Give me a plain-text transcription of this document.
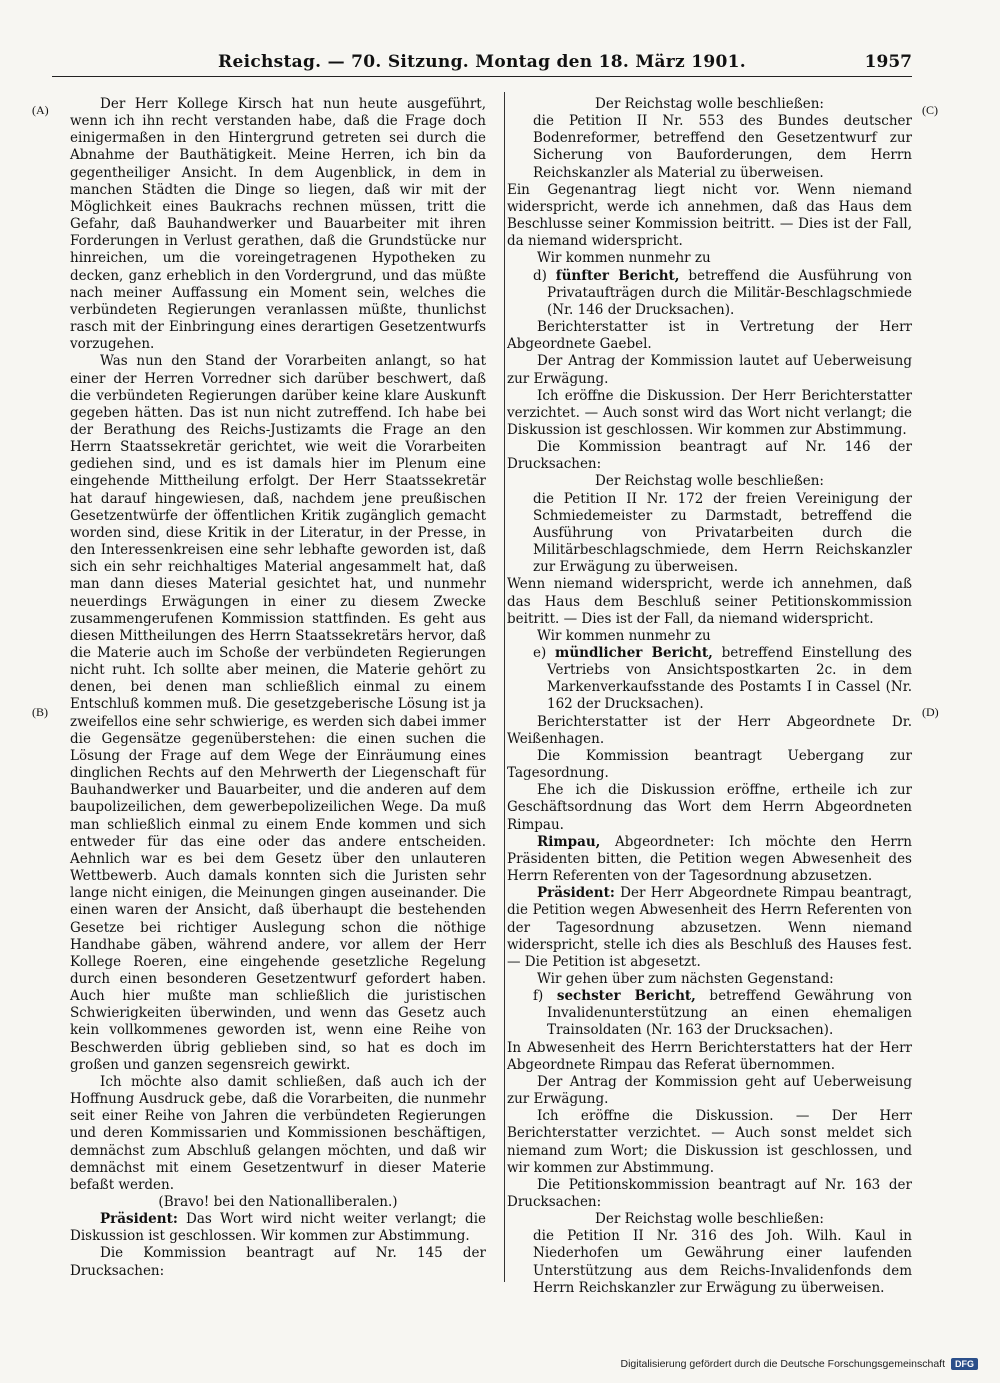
Reichstag. — 70. Sitzung. Montag den 18. März 1901.	1957
(A)
(B)
(C)
(D)

Der Herr Kollege Kirsch hat nun heute ausgeführt, wenn ich ihn recht verstanden habe, daß die Frage doch einigermaßen in den Hintergrund getreten sei durch die Abnahme der Bauthätigkeit. Meine Herren, ich bin da gegentheiliger Ansicht. In dem Augenblick, in dem in manchen Städten die Dinge so liegen, daß wir mit der Möglichkeit eines Baukrachs rechnen müssen, tritt die Gefahr, daß Bauhandwerker und Bauarbeiter mit ihren Forderungen in Verlust gerathen, daß die Grundstücke nur hinreichen, um die voreingetragenen Hypotheken zu decken, ganz erheblich in den Vordergrund, und das müßte nach meiner Auffassung ein Moment sein, welches die verbündeten Regierungen veranlassen müßte, thunlichst rasch mit der Einbringung eines derartigen Gesetzentwurfs vorzugehen.

Was nun den Stand der Vorarbeiten anlangt, so hat einer der Herren Vorredner sich darüber beschwert, daß die verbündeten Regierungen darüber keine klare Auskunft gegeben hätten. Das ist nun nicht zutreffend. Ich habe bei der Berathung des Reichs-Justizamts die Frage an den Herrn Staatssekretär gerichtet, wie weit die Vorarbeiten gediehen sind, und es ist damals hier im Plenum eine eingehende Mittheilung erfolgt. Der Herr Staatssekretär hat darauf hingewiesen, daß, nachdem jene preußischen Gesetzentwürfe der öffentlichen Kritik zugänglich gemacht worden sind, diese Kritik in der Literatur, in der Presse, in den Interessenkreisen eine sehr lebhafte geworden ist, daß sich ein sehr reichhaltiges Material angesammelt hat, daß man dann dieses Material gesichtet hat, und nunmehr neuerdings Erwägungen in einer zu diesem Zwecke zusammengerufenen Kommission stattfinden. Es geht aus diesen Mittheilungen des Herrn Staatssekretärs hervor, daß die Materie auch im Schoße der verbündeten Regierungen nicht ruht. Ich sollte aber meinen, die Materie gehört zu denen, bei denen man schließlich einmal zu einem Entschluß kommen muß. Die gesetzgeberische Lösung ist ja zweifellos eine sehr schwierige, es werden sich dabei immer die Gegensätze gegenüberstehen: die einen suchen die Lösung der Frage auf dem Wege der Einräumung eines dinglichen Rechts auf den Mehrwerth der Liegenschaft für Bauhandwerker und Bauarbeiter, und die anderen auf dem baupolizeilichen, dem gewerbepolizeilichen Wege. Da muß man schließlich einmal zu einem Ende kommen und sich entweder für das eine oder das andere entscheiden. Aehnlich war es bei dem Gesetz über den unlauteren Wettbewerb. Auch damals konnten sich die Juristen sehr lange nicht einigen, die Meinungen gingen auseinander. Die einen waren der Ansicht, daß überhaupt die bestehenden Gesetze bei richtiger Auslegung schon die nöthige Handhabe gäben, während andere, vor allem der Herr Kollege Roeren, eine eingehende gesetzliche Regelung durch einen besonderen Gesetzentwurf gefordert haben. Auch hier mußte man schließlich die juristischen Schwierigkeiten überwinden, und wenn das Gesetz auch kein vollkommenes geworden ist, wenn eine Reihe von Beschwerden übrig geblieben sind, so hat es doch im großen und ganzen segensreich gewirkt.

Ich möchte also damit schließen, daß auch ich der Hoffnung Ausdruck gebe, daß die Vorarbeiten, die nunmehr seit einer Reihe von Jahren die verbündeten Regierungen und deren Kommissarien und Kommissionen beschäftigen, demnächst zum Abschluß gelangen möchten, und daß wir demnächst mit einem Gesetzentwurf in dieser Materie befaßt werden.

(Bravo! bei den Nationalliberalen.)

Präsident: Das Wort wird nicht weiter verlangt; die Diskussion ist geschlossen. Wir kommen zur Abstimmung.

Die Kommission beantragt auf Nr. 145 der Drucksachen:

Der Reichstag wolle beschließen:

die Petition II Nr. 553 des Bundes deutscher Bodenreformer, betreffend den Gesetzentwurf zur Sicherung von Bauforderungen, dem Herrn Reichskanzler als Material zu überweisen.

Ein Gegenantrag liegt nicht vor. Wenn niemand widerspricht, werde ich annehmen, daß das Haus dem Beschlusse seiner Kommission beitritt. — Dies ist der Fall, da niemand widerspricht.

Wir kommen nunmehr zu

d) fünfter Bericht, betreffend die Ausführung von Privataufträgen durch die Militär-Beschlagschmiede (Nr. 146 der Drucksachen).

Berichterstatter ist in Vertretung der Herr Abgeordnete Gaebel.

Der Antrag der Kommission lautet auf Ueberweisung zur Erwägung.

Ich eröffne die Diskussion. Der Herr Berichterstatter verzichtet. — Auch sonst wird das Wort nicht verlangt; die Diskussion ist geschlossen. Wir kommen zur Abstimmung.

Die Kommission beantragt auf Nr. 146 der Drucksachen:

Der Reichstag wolle beschließen:

die Petition II Nr. 172 der freien Vereinigung der Schmiedemeister zu Darmstadt, betreffend die Ausführung von Privatarbeiten durch die Militärbeschlagschmiede, dem Herrn Reichskanzler zur Erwägung zu überweisen.

Wenn niemand widerspricht, werde ich annehmen, daß das Haus dem Beschluß seiner Petitionskommission beitritt. — Dies ist der Fall, da niemand widerspricht.

Wir kommen nunmehr zu

e) mündlicher Bericht, betreffend Einstellung des Vertriebs von Ansichtspostkarten 2c. in dem Markenverkaufsstande des Postamts I in Cassel (Nr. 162 der Drucksachen).

Berichterstatter ist der Herr Abgeordnete Dr. Weißenhagen.

Die Kommission beantragt Uebergang zur Tagesordnung.

Ehe ich die Diskussion eröffne, ertheile ich zur Geschäftsordnung das Wort dem Herrn Abgeordneten Rimpau.

Rimpau, Abgeordneter: Ich möchte den Herrn Präsidenten bitten, die Petition wegen Abwesenheit des Herrn Referenten von der Tagesordnung abzusetzen.

Präsident: Der Herr Abgeordnete Rimpau beantragt, die Petition wegen Abwesenheit des Herrn Referenten von der Tagesordnung abzusetzen. Wenn niemand widerspricht, stelle ich dies als Beschluß des Hauses fest. — Die Petition ist abgesetzt.

Wir gehen über zum nächsten Gegenstand:

f) sechster Bericht, betreffend Gewährung von Invalidenunterstützung an einen ehemaligen Trainsoldaten (Nr. 163 der Drucksachen).

In Abwesenheit des Herrn Berichterstatters hat der Herr Abgeordnete Rimpau das Referat übernommen.

Der Antrag der Kommission geht auf Ueberweisung zur Erwägung.

Ich eröffne die Diskussion. — Der Herr Berichterstatter verzichtet. — Auch sonst meldet sich niemand zum Wort; die Diskussion ist geschlossen, und wir kommen zur Abstimmung.

Die Petitionskommission beantragt auf Nr. 163 der Drucksachen:

Der Reichstag wolle beschließen:

die Petition II Nr. 316 des Joh. Wilh. Kaul in Niederhofen um Gewährung einer laufenden Unterstützung aus dem Reichs-Invalidenfonds dem Herrn Reichskanzler zur Erwägung zu überweisen.

Digitalisierung gefördert durch die Deutsche Forschungsgemeinschaft	DFG
